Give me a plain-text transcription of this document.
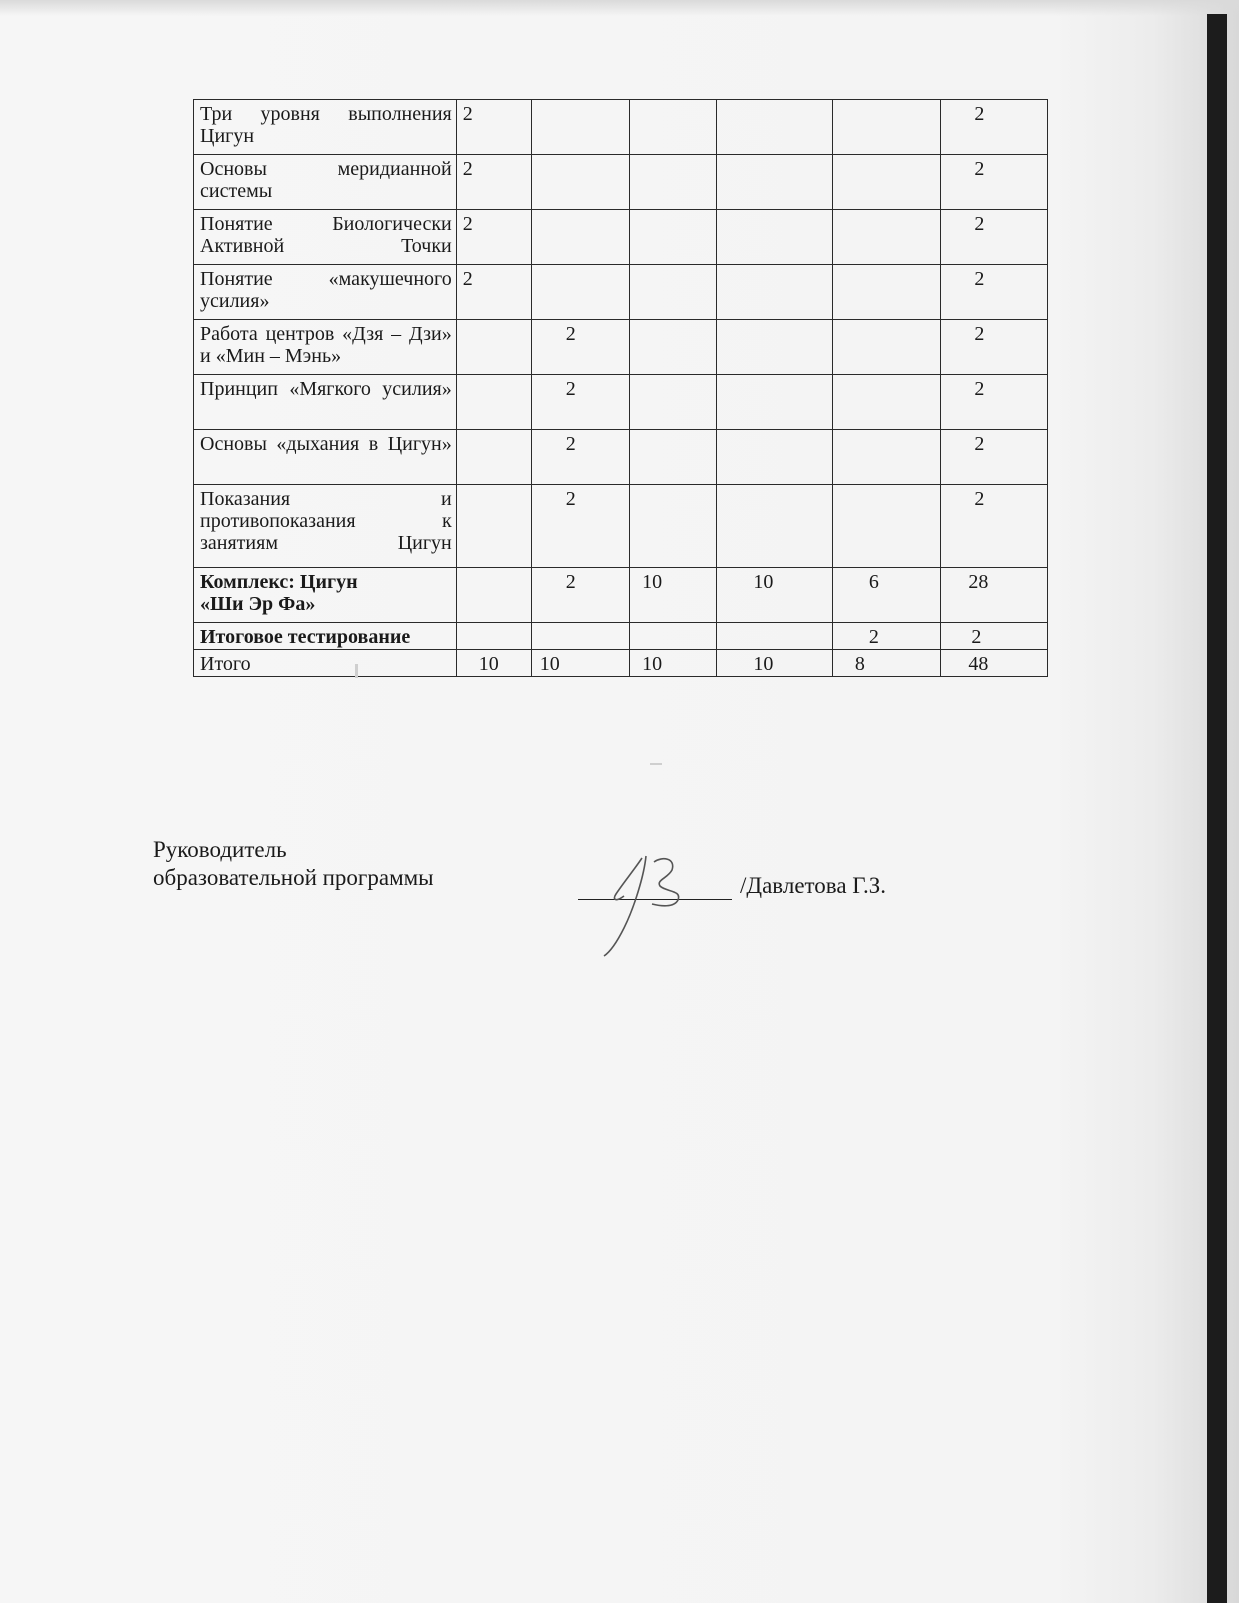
Три уровня выполнения Цигун	2					2
Основы меридианной системы	2					2
Понятие Биологически Активной Точки	2					2
Понятие «макушечного усилия»	2					2
Работа центров «Дзя – Дзи» и «Мин – Мэнь»		2				2
Принцип «Мягкого усилия»		2				2
Основы «дыхания в Цигун»		2				2
Показания и противопоказания к занятиям Цигун		2				2
Комплекс: Цигун
«Ши Эр Фа»		2	10	10	6	28
Итоговое тестирование					2	2
Итого	10	10	10	10	8	48
Руководитель
образовательной программы	/Давлетова Г.З.
